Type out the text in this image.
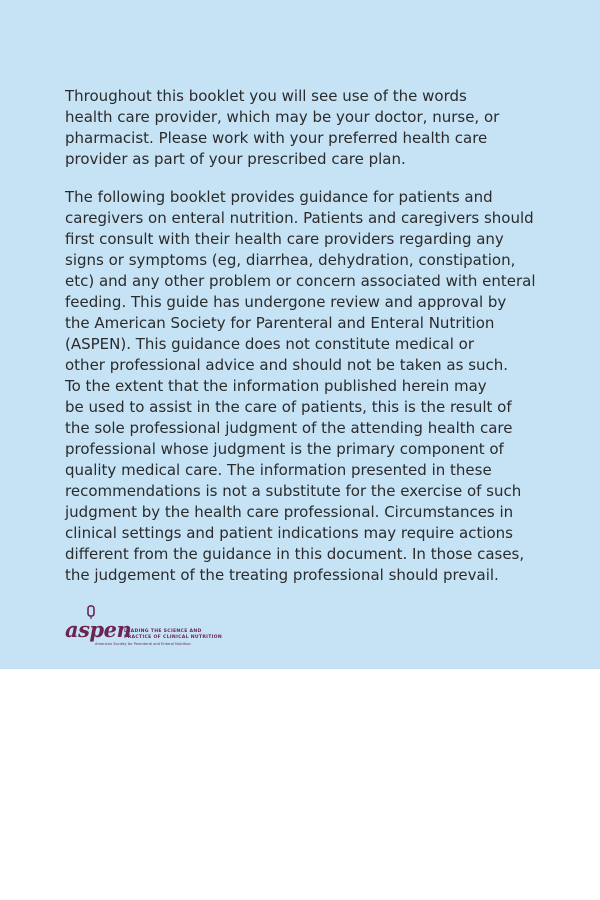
Throughout this booklet you will see use of the words
health care provider, which may be your doctor, nurse, or
pharmacist. Please work with your preferred health care
provider as part of your prescribed care plan.

The following booklet provides guidance for patients and
caregivers on enteral nutrition. Patients and caregivers should
first consult with their health care providers regarding any
signs or symptoms (eg, diarrhea, dehydration, constipation,
etc) and any other problem or concern associated with enteral
feeding. This guide has undergone review and approval by
the American Society for Parenteral and Enteral Nutrition
(ASPEN). This guidance does not constitute medical or
other professional advice and should not be taken as such.
To the extent that the information published herein may
be used to assist in the care of patients, this is the result of
the sole professional judgment of the attending health care
professional whose judgment is the primary component of
quality medical care. The information presented in these
recommendations is not a substitute for the exercise of such
judgment by the health care professional. Circumstances in
clinical settings and patient indications may require actions
different from the guidance in this document. In those cases,
the judgement of the treating professional should prevail.

aspen
LEADING THE SCIENCE AND
PRACTICE OF CLINICAL NUTRITION
American Society for Parenteral and Enteral Nutrition
